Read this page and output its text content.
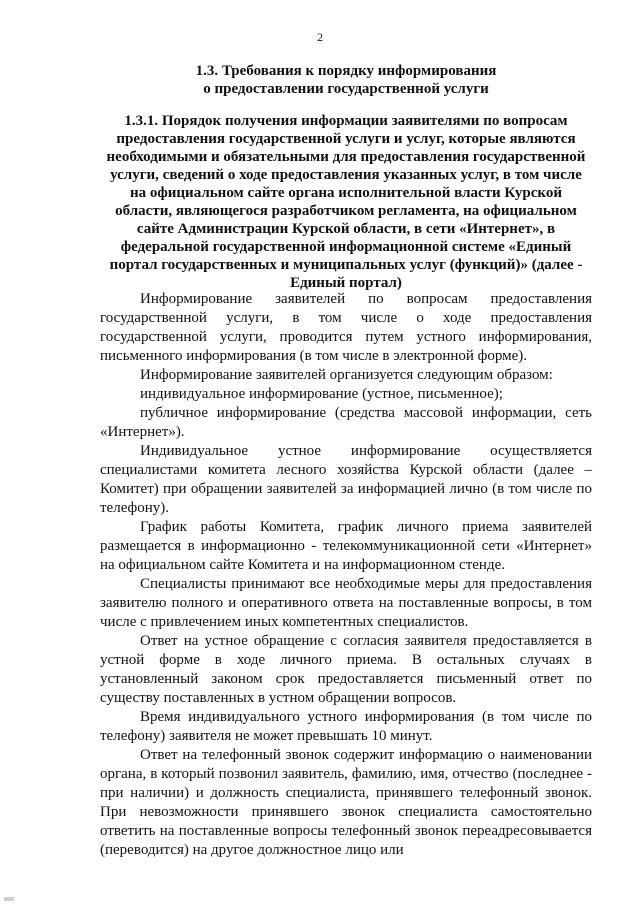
2
1.3. Требования к порядку информирования
о предоставлении государственной услуги
1.3.1. Порядок получения информации заявителями по вопросам
предоставления государственной услуги и услуг, которые являются
необходимыми и обязательными для предоставления государственной
услуги, сведений о ходе предоставления указанных услуг, в том числе
на официальном сайте органа исполнительной власти Курской
области, являющегося разработчиком регламента, на официальном
сайте Администрации Курской области, в сети «Интернет», в
федеральной государственной информационной системе «Единый
портал государственных и муниципальных услуг (функций)» (далее -
Единый портал)

Информирование заявителей по вопросам предоставления государственной услуги, в том числе о ходе предоставления государственной услуги, проводится путем устного информирования, письменного информирования (в том числе в электронной форме).

Информирование заявителей организуется следующим образом:

индивидуальное информирование (устное, письменное);

публичное информирование (средства массовой информации, сеть «Интернет»).

Индивидуальное устное информирование осуществляется специалистами комитета лесного хозяйства Курской области (далее – Комитет) при обращении заявителей за информацией лично (в том числе по телефону).

График работы Комитета, график личного приема заявителей размещается в информационно - телекоммуникационной сети «Интернет» на официальном сайте Комитета и на информационном стенде.

Специалисты принимают все необходимые меры для предоставления заявителю полного и оперативного ответа на поставленные вопросы, в том числе с привлечением иных компетентных специалистов.

Ответ на устное обращение с согласия заявителя предоставляется в устной форме в ходе личного приема. В остальных случаях в установленный законом срок предоставляется письменный ответ по существу поставленных в устном обращении вопросов.

Время индивидуального устного информирования (в том числе по телефону) заявителя не может превышать 10 минут.

Ответ на телефонный звонок содержит информацию о наименовании органа, в который позвонил заявитель, фамилию, имя, отчество (последнее - при наличии) и должность специалиста, принявшего телефонный звонок. При невозможности принявшего звонок специалиста самостоятельно ответить на поставленные вопросы телефонный звонок переадресовывается (переводится) на другое должностное лицо или
